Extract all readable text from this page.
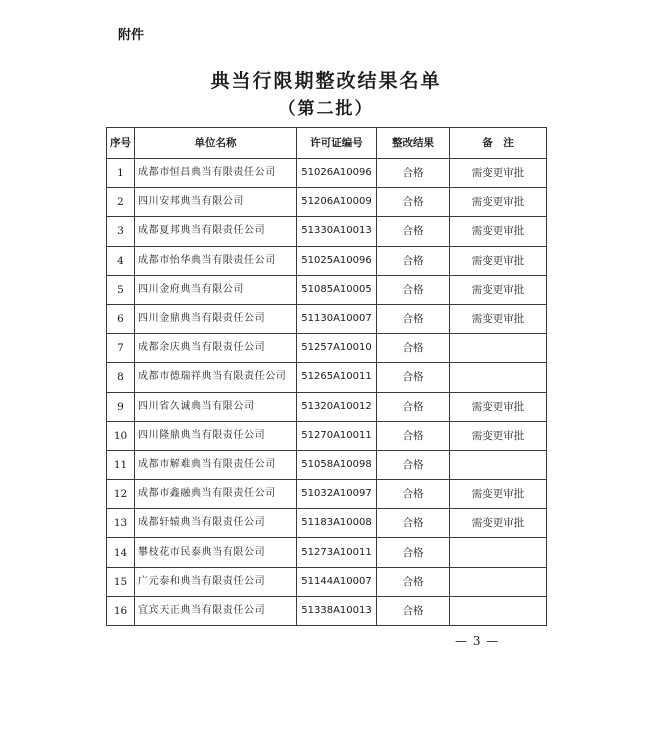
附件
典当行限期整改结果名单
（第二批）
序号	单位名称	许可证编号	整改结果	备　注
1	成都市恒昌典当有限责任公司	51026A10096	合格	需变更审批
2	四川安邦典当有限公司	51206A10009	合格	需变更审批
3	成都夏邦典当有限责任公司	51330A10013	合格	需变更审批
4	成都市怡华典当有限责任公司	51025A10096	合格	需变更审批
5	四川金府典当有限公司	51085A10005	合格	需变更审批
6	四川金鼎典当有限责任公司	51130A10007	合格	需变更审批
7	成都余庆典当有限责任公司	51257A10010	合格	
8	成都市德瑞祥典当有限责任公司	51265A10011	合格	
9	四川省久诚典当有限公司	51320A10012	合格	需变更审批
10	四川隆鼎典当有限责任公司	51270A10011	合格	需变更审批
11	成都市解难典当有限责任公司	51058A10098	合格	
12	成都市鑫融典当有限责任公司	51032A10097	合格	需变更审批
13	成都轩辕典当有限责任公司	51183A10008	合格	需变更审批
14	攀枝花市民泰典当有限公司	51273A10011	合格	
15	广元泰和典当有限责任公司	51144A10007	合格	
16	宜宾天正典当有限责任公司	51338A10013	合格	
— 3 —
